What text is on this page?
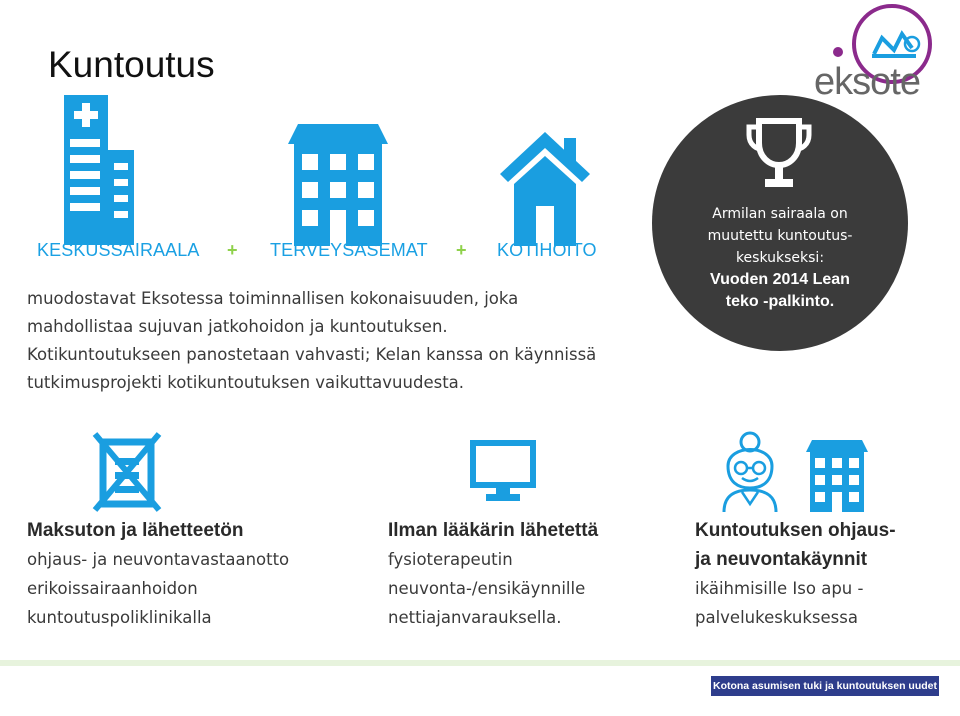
Kuntoutus	eksote
KESKUSSAIRAALA + TERVEYSASEMAT + KOTIHOITO
muodostavat Eksotessa toiminnallisen kokonaisuuden, joka
mahdollistaa sujuvan jatkohoidon ja kuntoutuksen.
Kotikuntoutukseen panostetaan vahvasti; Kelan kanssa on käynnissä
tutkimusprojekti kotikuntoutuksen vaikuttavuudesta.
Armilan sairaala on
muutettu kuntoutus-
keskukseksi:
Vuoden 2014 Lean
teko -palkinto.
Maksuton ja lähetteetön
ohjaus- ja neuvontavastaanotto
erikoissairaanhoidon
kuntoutuspoliklinikalla
Ilman lääkärin lähetettä
fysioterapeutin
neuvonta-/ensikäynnille
nettiajanvarauksella.
Kuntoutuksen ohjaus-
ja neuvontakäynnit
ikäihmisille Iso apu -
palvelukeskuksessa
Kotona asumisen tuki ja kuntoutuksen uudet mallit
